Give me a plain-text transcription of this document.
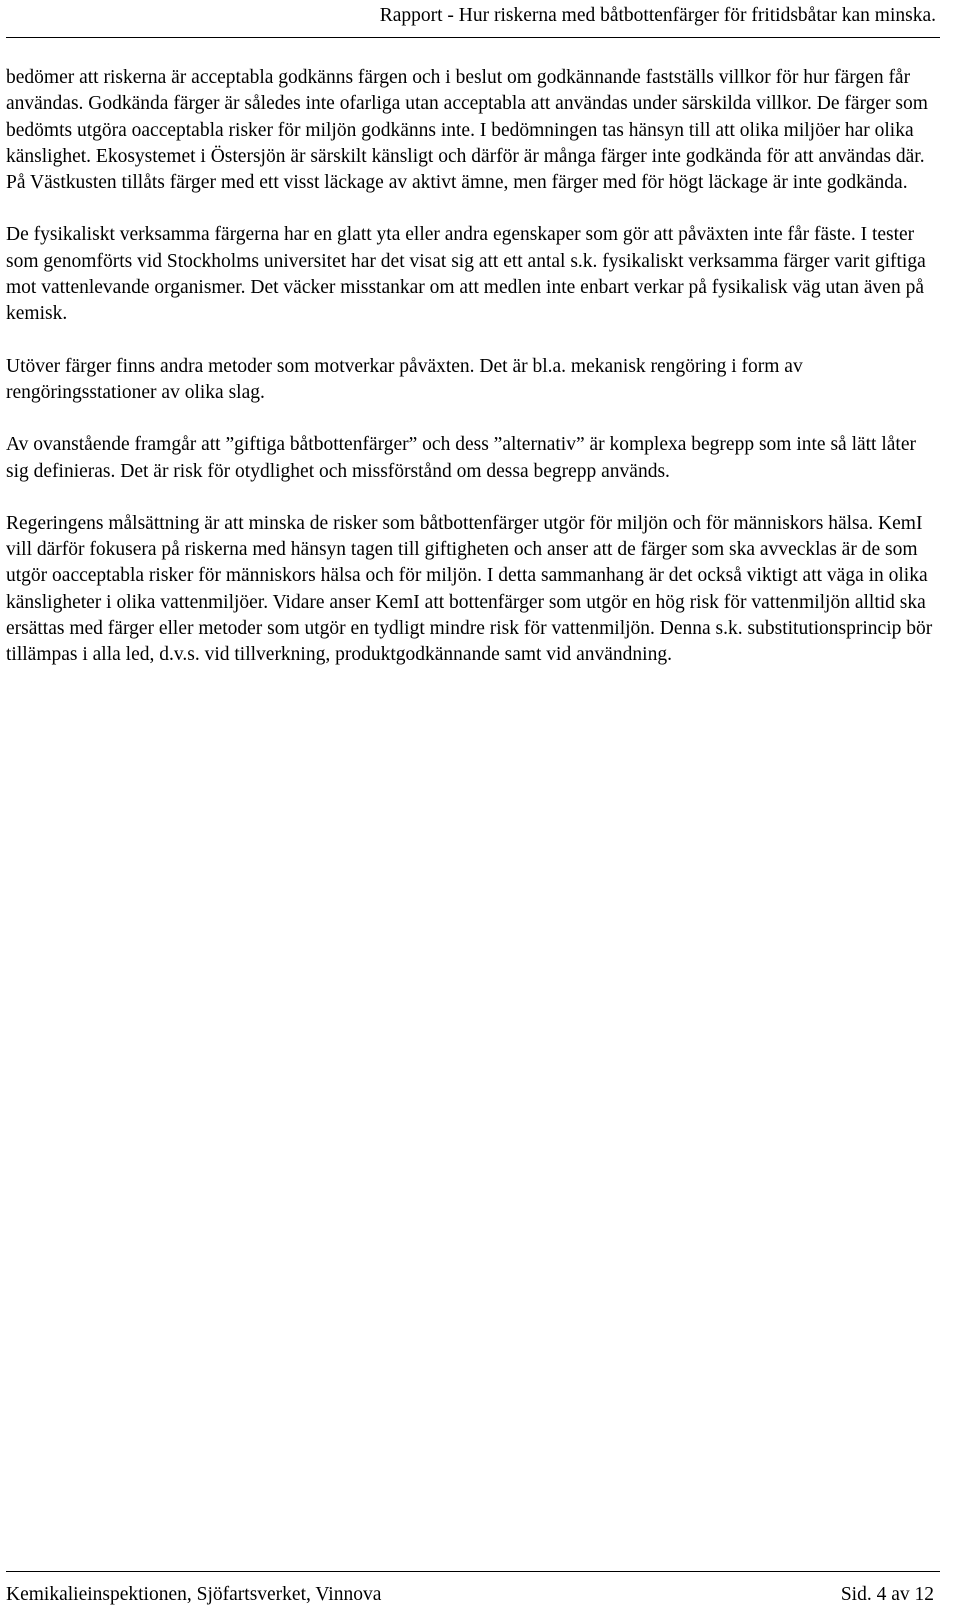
Rapport - Hur riskerna med båtbottenfärger för fritidsbåtar kan minska.

bedömer att riskerna är acceptabla godkänns färgen och i beslut om godkännande fastställs villkor för hur färgen får användas. Godkända färger är således inte ofarliga utan acceptabla att användas under särskilda villkor. De färger som bedömts utgöra oacceptabla risker för miljön godkänns inte. I bedömningen tas hänsyn till att olika miljöer har olika känslighet. Ekosystemet i Östersjön är särskilt känsligt och därför är många färger inte godkända för att användas där. På Västkusten tillåts färger med ett visst läckage av aktivt ämne, men färger med för högt läckage är inte godkända.

De fysikaliskt verksamma färgerna har en glatt yta eller andra egenskaper som gör att påväxten inte får fäste. I tester som genomförts vid Stockholms universitet har det visat sig att ett antal s.k. fysikaliskt verksamma färger varit giftiga mot vattenlevande organismer. Det väcker misstankar om att medlen inte enbart verkar på fysikalisk väg utan även på kemisk.

Utöver färger finns andra metoder som motverkar påväxten. Det är bl.a. mekanisk rengöring i form av rengöringsstationer av olika slag.

Av ovanstående framgår att ”giftiga båtbottenfärger” och dess ”alternativ” är komplexa begrepp som inte så lätt låter sig definieras. Det är risk för otydlighet och missförstånd om dessa begrepp används.

Regeringens målsättning är att minska de risker som båtbottenfärger utgör för miljön och för människors hälsa. KemI vill därför fokusera på riskerna med hänsyn tagen till giftigheten och anser att de färger som ska avvecklas är de som utgör oacceptabla risker för människors hälsa och för miljön. I detta sammanhang är det också viktigt att väga in olika känsligheter i olika vattenmiljöer. Vidare anser KemI att bottenfärger som utgör en hög risk för vattenmiljön alltid ska ersättas med färger eller metoder som utgör en tydligt mindre risk för vattenmiljön. Denna s.k. substitutionsprincip bör tillämpas i alla led, d.v.s. vid tillverkning, produktgodkännande samt vid användning.

Kemikalieinspektionen, Sjöfartsverket, Vinnova	Sid. 4 av 12
